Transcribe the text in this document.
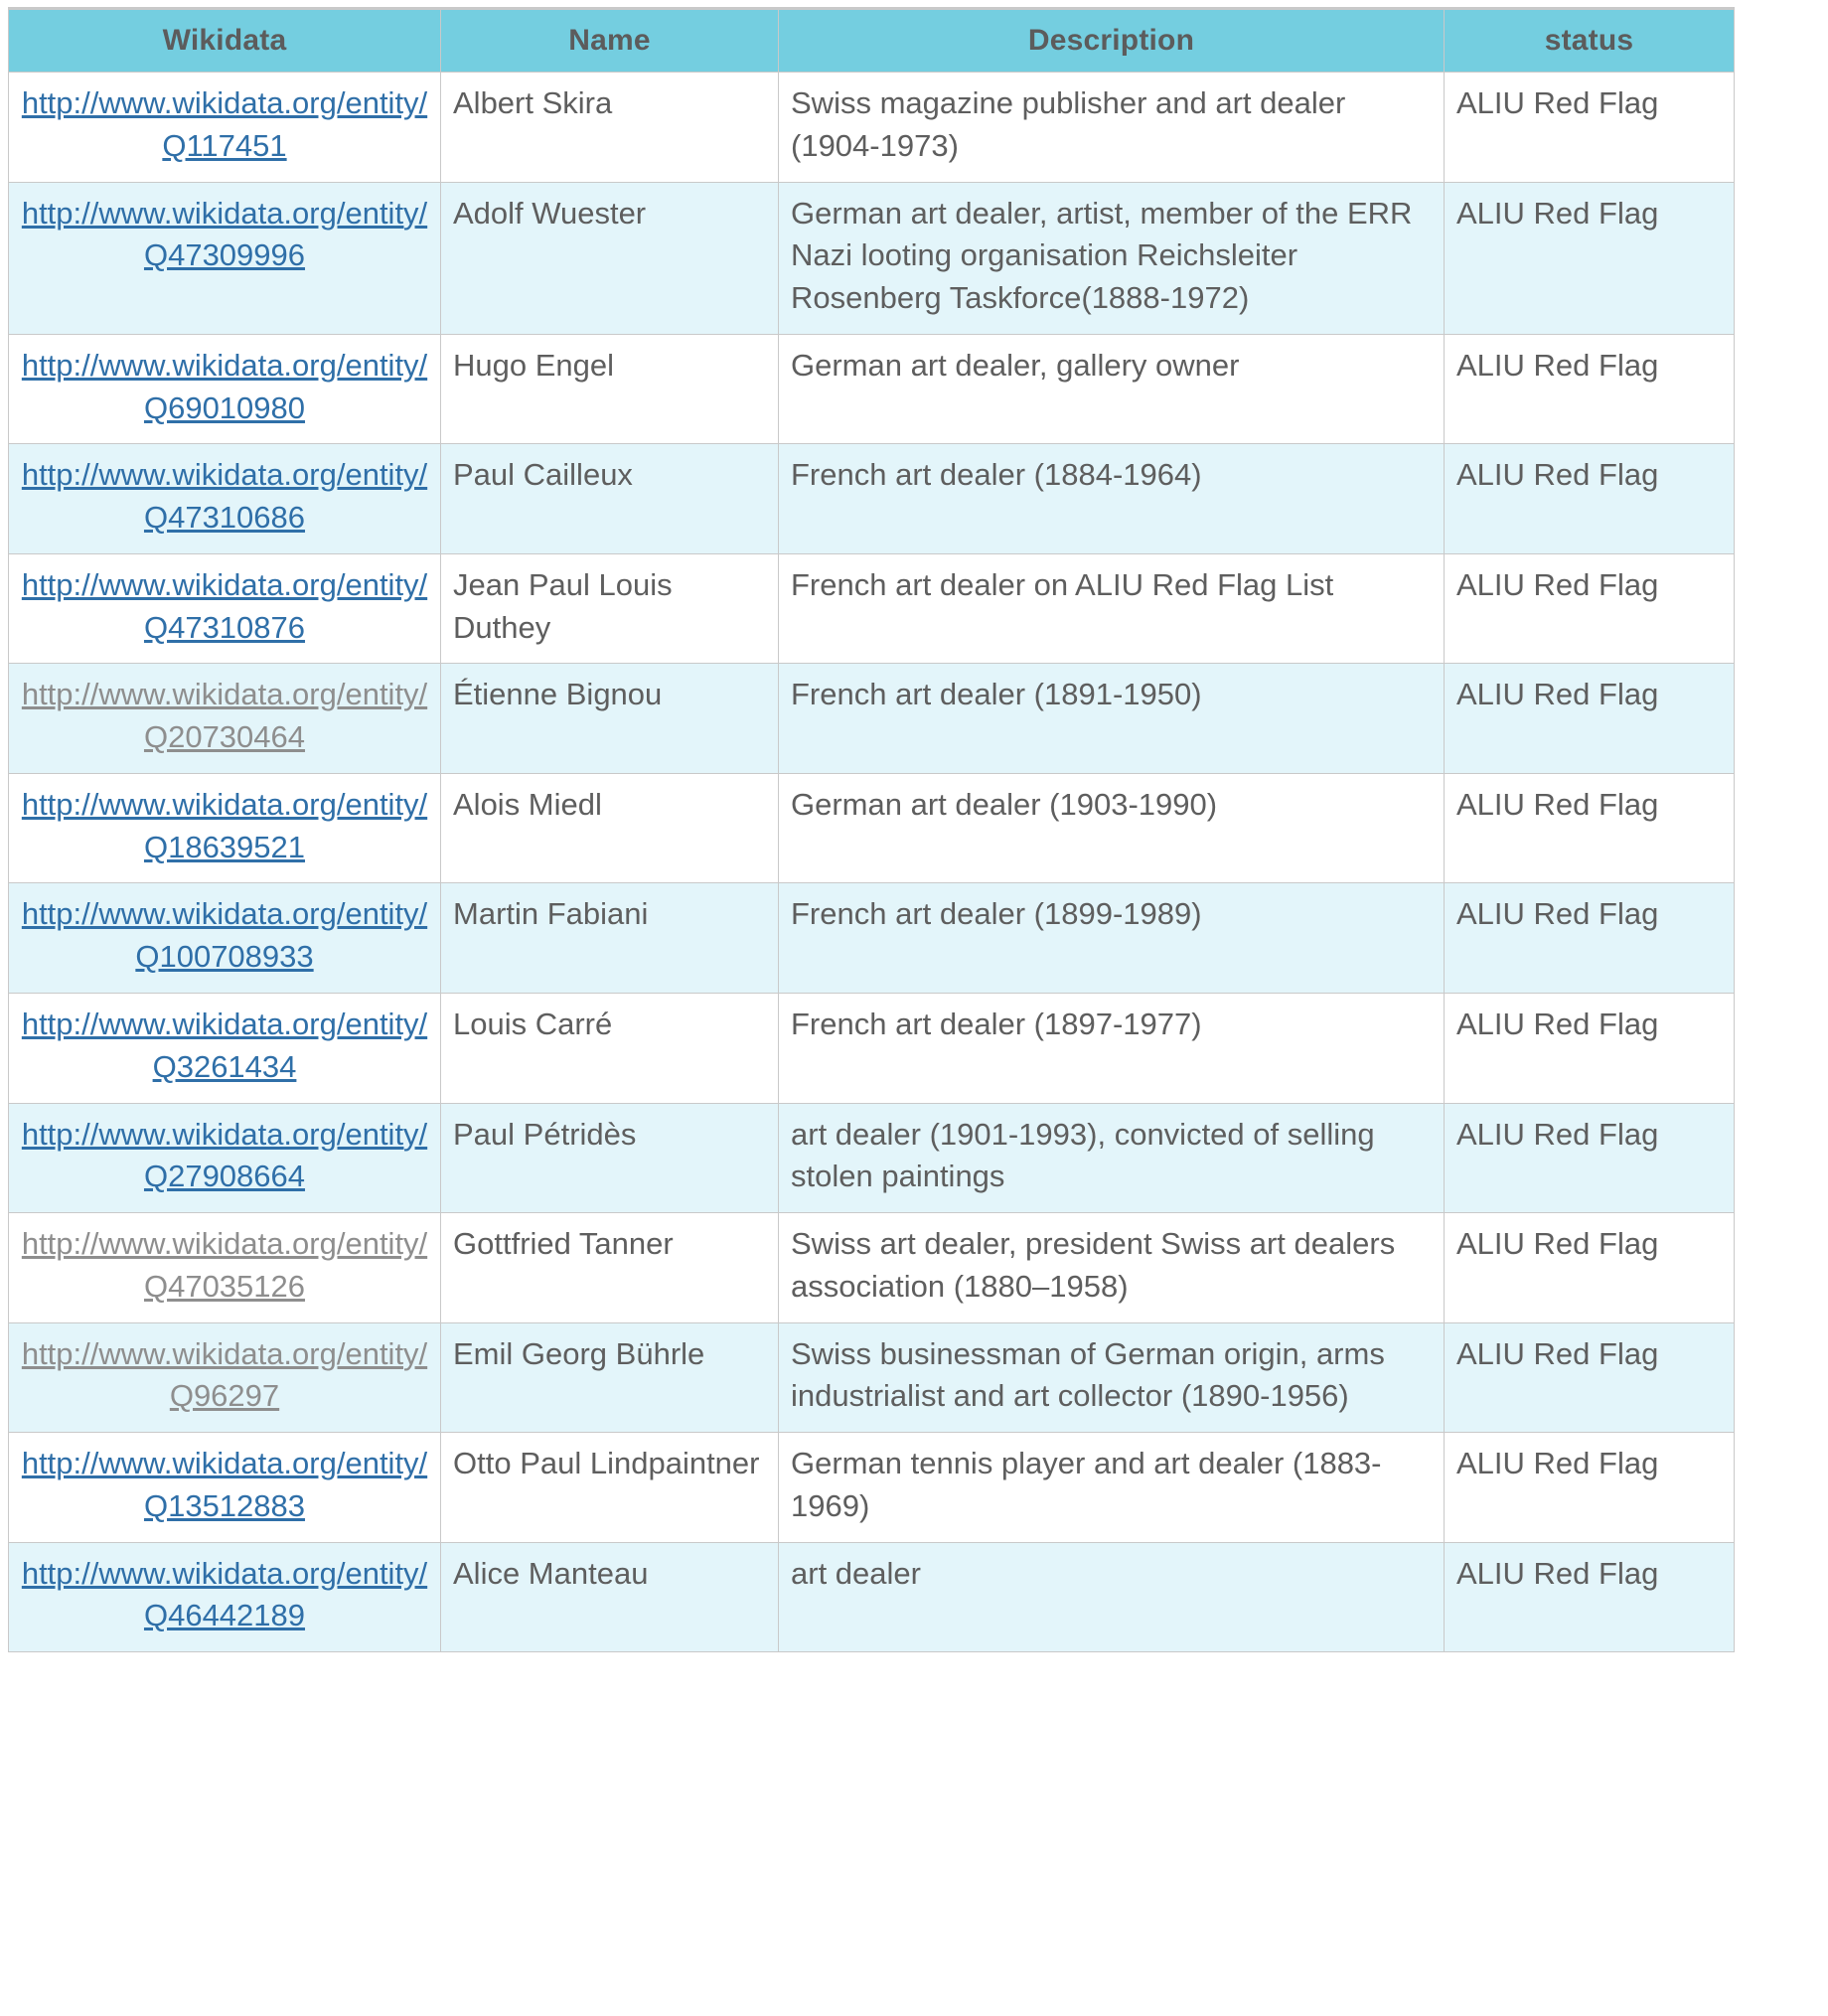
Wikidata	Name	Description	status
http://www.wikidata.org/entity/Q117451	Albert Skira	Swiss magazine publisher and art dealer (1904-1973)	ALIU Red Flag
http://www.wikidata.org/entity/Q47309996	Adolf Wuester	German art dealer, artist, member of the ERR Nazi looting organisation Reichsleiter Rosenberg Taskforce(1888-1972)	ALIU Red Flag
http://www.wikidata.org/entity/Q69010980	Hugo Engel	German art dealer, gallery owner	ALIU Red Flag
http://www.wikidata.org/entity/Q47310686	Paul Cailleux	French art dealer (1884-1964)	ALIU Red Flag
http://www.wikidata.org/entity/Q47310876	Jean Paul Louis Duthey	French art dealer on ALIU Red Flag List	ALIU Red Flag
http://www.wikidata.org/entity/Q20730464	Étienne Bignou	French art dealer (1891-1950)	ALIU Red Flag
http://www.wikidata.org/entity/Q18639521	Alois Miedl	German art dealer (1903-1990)	ALIU Red Flag
http://www.wikidata.org/entity/Q100708933	Martin Fabiani	French art dealer (1899-1989)	ALIU Red Flag
http://www.wikidata.org/entity/Q3261434	Louis Carré	French art dealer (1897-1977)	ALIU Red Flag
http://www.wikidata.org/entity/Q27908664	Paul Pétridès	art dealer (1901-1993), convicted of selling stolen paintings	ALIU Red Flag
http://www.wikidata.org/entity/Q47035126	Gottfried Tanner	Swiss art dealer, president Swiss art dealers association (1880–1958)	ALIU Red Flag
http://www.wikidata.org/entity/Q96297	Emil Georg Bührle	Swiss businessman of German origin, arms industrialist and art collector (1890-1956)	ALIU Red Flag
http://www.wikidata.org/entity/Q13512883	Otto Paul Lindpaintner	German tennis player and art dealer (1883-1969)	ALIU Red Flag
http://www.wikidata.org/entity/Q46442189	Alice Manteau	art dealer	ALIU Red Flag
